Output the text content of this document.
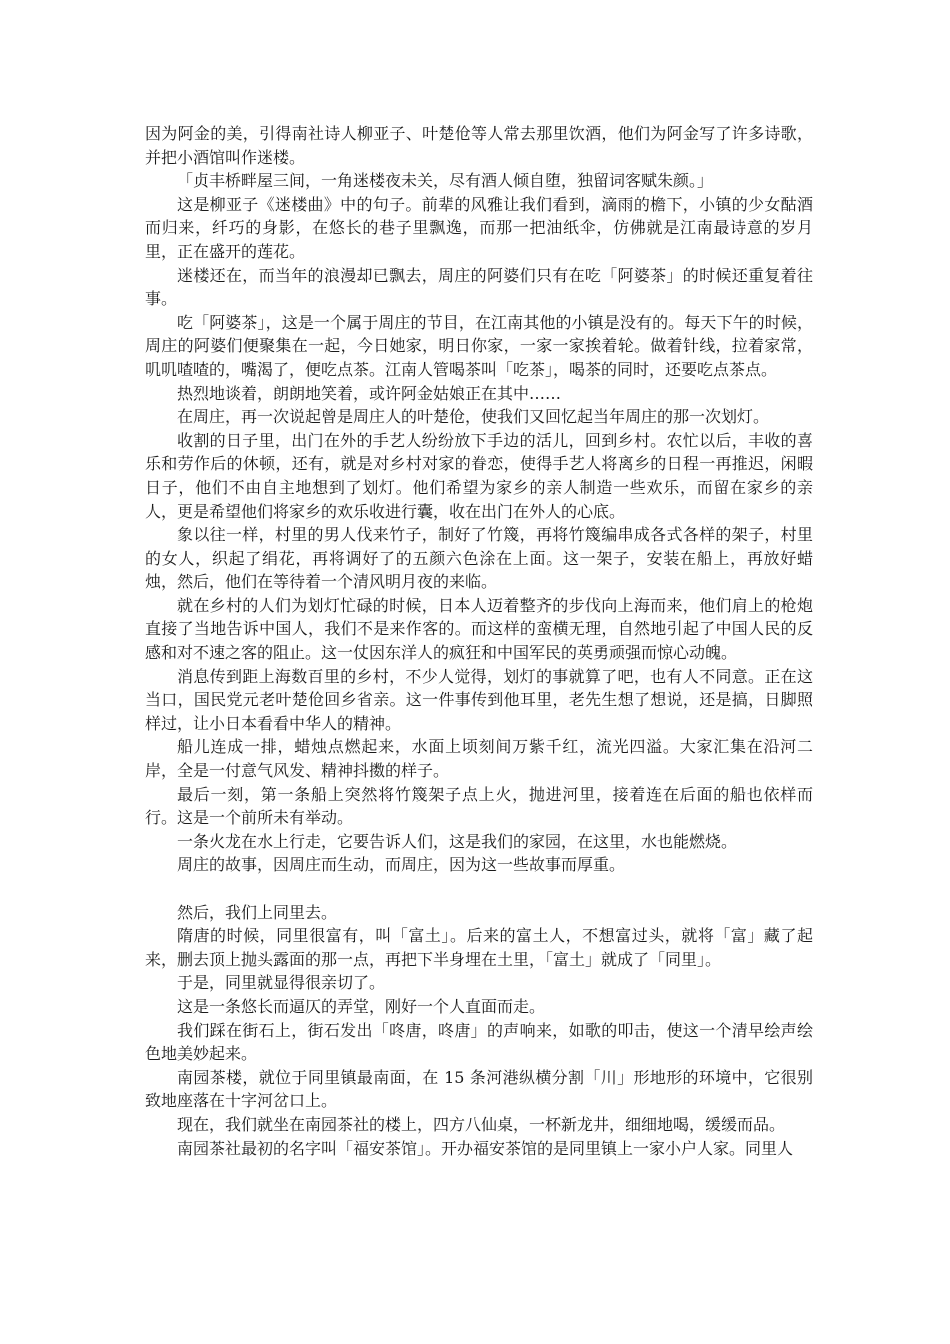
因为阿金的美，引得南社诗人柳亚子、叶楚伧等人常去那里饮酒，他们为阿金写了许多诗歌，并把小酒馆叫作迷楼。

「贞丰桥畔屋三间，一角迷楼夜未关，尽有酒人倾自堕，独留词客赋朱颜。」

这是柳亚子《迷楼曲》中的句子。前辈的风雅让我们看到，滴雨的檐下，小镇的少女酤酒而归来，纤巧的身影，在悠长的巷子里飘逸，而那一把油纸伞，仿佛就是江南最诗意的岁月里，正在盛开的莲花。

迷楼还在，而当年的浪漫却已飘去，周庄的阿婆们只有在吃「阿婆茶」的时候还重复着往事。

吃「阿婆茶」，这是一个属于周庄的节目，在江南其他的小镇是没有的。每天下午的时候，周庄的阿婆们便聚集在一起，今日她家，明日你家，一家一家挨着轮。做着针线，拉着家常，叽叽喳喳的，嘴渴了，便吃点茶。江南人管喝茶叫「吃茶」，喝茶的同时，还要吃点茶点。

热烈地谈着，朗朗地笑着，或许阿金姑娘正在其中……

在周庄，再一次说起曾是周庄人的叶楚伧，使我们又回忆起当年周庄的那一次划灯。

收割的日子里，出门在外的手艺人纷纷放下手边的活儿，回到乡村。农忙以后，丰收的喜乐和劳作后的休顿，还有，就是对乡村对家的眷恋，使得手艺人将离乡的日程一再推迟，闲暇日子，他们不由自主地想到了划灯。他们希望为家乡的亲人制造一些欢乐，而留在家乡的亲人，更是希望他们将家乡的欢乐收进行囊，收在出门在外人的心底。

象以往一样，村里的男人伐来竹子，制好了竹篾，再将竹篾编串成各式各样的架子，村里的女人，织起了绢花，再将调好了的五颜六色涂在上面。这一架子，安装在船上，再放好蜡烛，然后，他们在等待着一个清风明月夜的来临。

就在乡村的人们为划灯忙碌的时候，日本人迈着整齐的步伐向上海而来，他们肩上的枪炮直接了当地告诉中国人，我们不是来作客的。而这样的蛮横无理，自然地引起了中国人民的反感和对不速之客的阻止。这一仗因东洋人的疯狂和中国军民的英勇顽强而惊心动魄。

消息传到距上海数百里的乡村，不少人觉得，划灯的事就算了吧，也有人不同意。正在这当口，国民党元老叶楚伧回乡省亲。这一件事传到他耳里，老先生想了想说，还是搞，日脚照样过，让小日本看看中华人的精神。

船儿连成一排，蜡烛点燃起来，水面上顷刻间万紫千红，流光四溢。大家汇集在沿河二岸，全是一付意气风发、精神抖擞的样子。

最后一刻，第一条船上突然将竹篾架子点上火，抛进河里，接着连在后面的船也依样而行。这是一个前所未有举动。

一条火龙在水上行走，它要告诉人们，这是我们的家园，在这里，水也能燃烧。

周庄的故事，因周庄而生动，而周庄，因为这一些故事而厚重。

然后，我们上同里去。

隋唐的时候，同里很富有，叫「富土」。后来的富土人，不想富过头，就将「富」藏了起来，删去顶上抛头露面的那一点，再把下半身埋在土里，「富土」就成了「同里」。

于是，同里就显得很亲切了。

这是一条悠长而逼仄的弄堂，刚好一个人直面而走。

我们踩在街石上，街石发出「咚唐，咚唐」的声响来，如歌的叩击，使这一个清早绘声绘色地美妙起来。

南园茶楼，就位于同里镇最南面，在 15 条河港纵横分割「川」形地形的环境中，它很别致地座落在十字河岔口上。

现在，我们就坐在南园茶社的楼上，四方八仙桌，一杯新龙井，细细地喝，缓缓而品。

南园茶社最初的名字叫「福安茶馆」。开办福安茶馆的是同里镇上一家小户人家。同里人
